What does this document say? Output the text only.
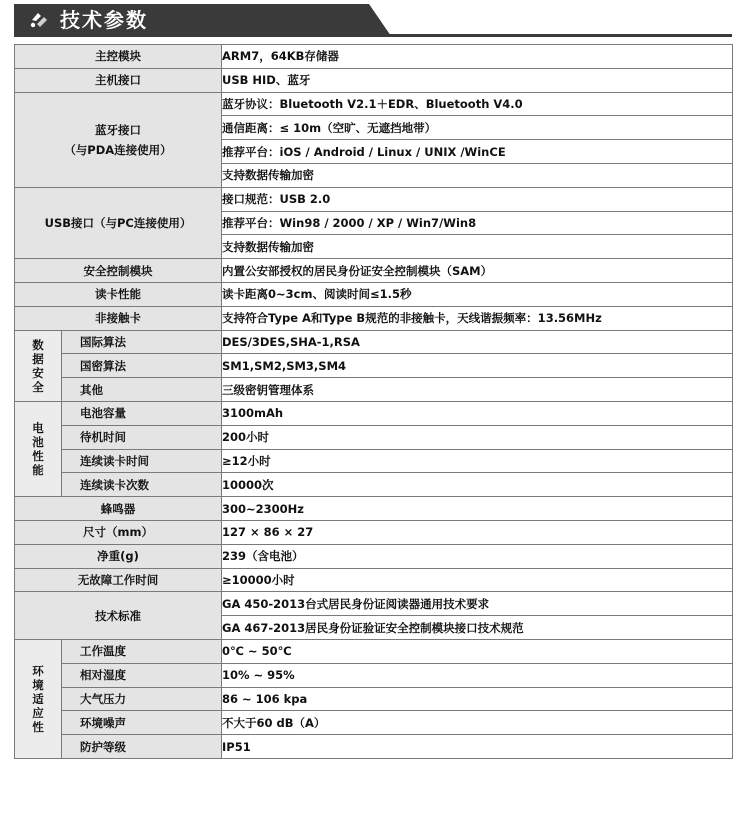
技术参数
主控模块		ARM7，64KB存储器
主机接口		USB HID、蓝牙
蓝牙接口
（与PDA连接使用）		蓝牙协议：Bluetooth V2.1＋EDR、Bluetooth V4.0
		通信距离：≤ 10m（空旷、无遮挡地带）
		推荐平台：iOS / Android / Linux / UNIX /WinCE
		支持数据传输加密
USB接口（与PC连接使用）		接口规范：USB 2.0
		推荐平台：Win98 / 2000 / XP / Win7/Win8
		支持数据传输加密
安全控制模块		内置公安部授权的居民身份证安全控制模块（SAM）
读卡性能		读卡距离0~3cm、阅读时间≤1.5秒
非接触卡		支持符合Type A和Type B规范的非接触卡，天线谐振频率：13.56MHz
数据安全	国际算法	DES/3DES,SHA-1,RSA
	国密算法	SM1,SM2,SM3,SM4
	其他	三级密钥管理体系
电池性能	电池容量	3100mAh
	待机时间	200小时
	连续读卡时间	≥12小时
	连续读卡次数	10000次
蜂鸣器		300~2300Hz
尺寸（mm）		127 × 86 × 27
净重(g)		239（含电池）
无故障工作时间		≥10000小时
技术标准		GA 450-2013台式居民身份证阅读器通用技术要求
		GA 467-2013居民身份证验证安全控制模块接口技术规范
环境适应性	工作温度	0℃ ~ 50℃
	相对湿度	10% ~ 95%
	大气压力	86 ~ 106 kpa
	环境噪声	不大于60 dB（A）
	防护等级	IP51
